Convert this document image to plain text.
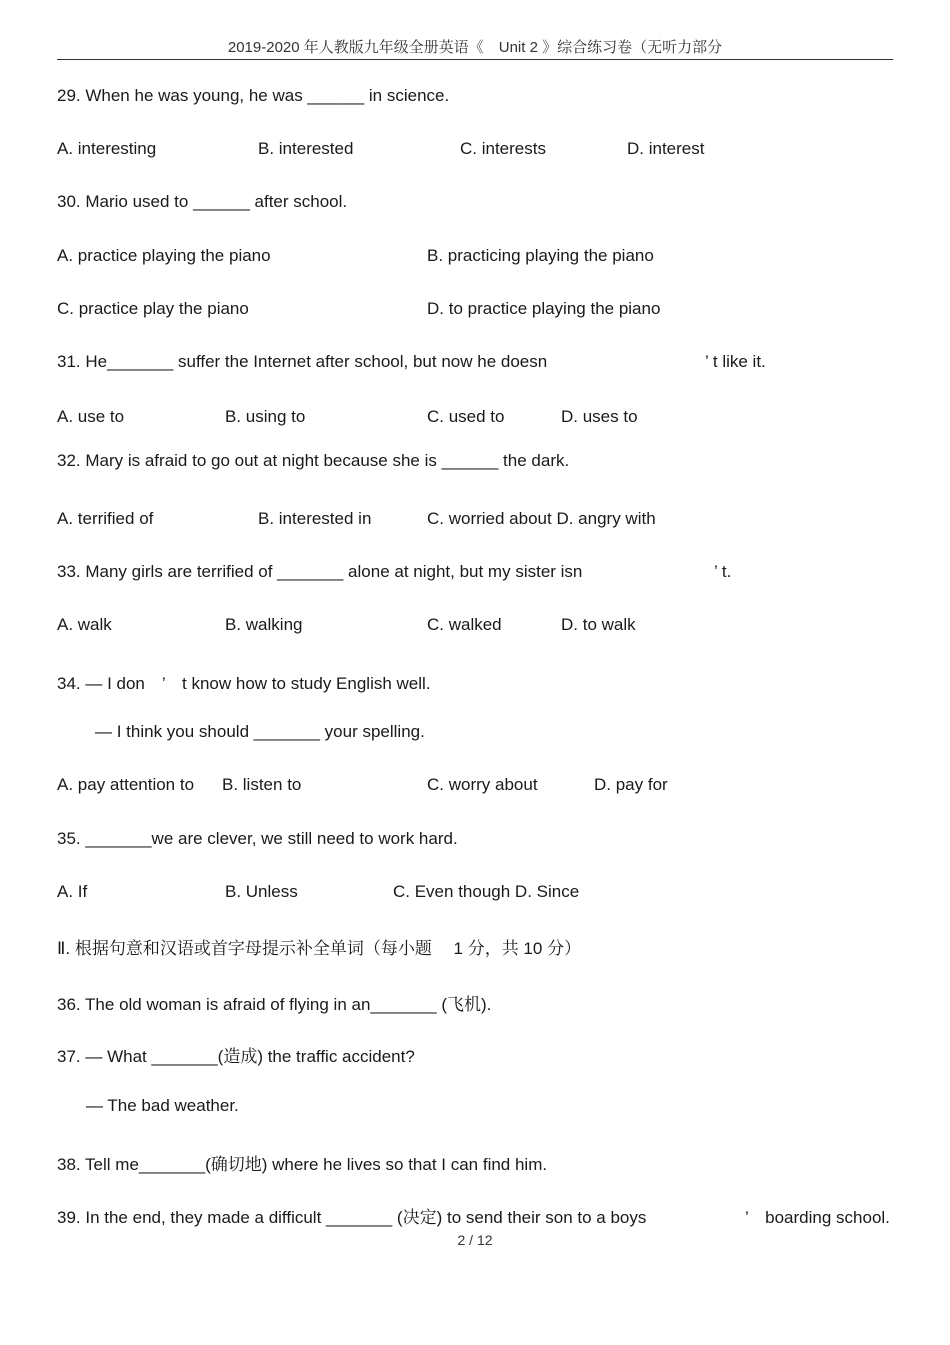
2019-2020 年人教版九年级全册英语《　Unit 2 》综合练习卷（无听力部分
29. When he was young, he was ______ in science.
A. interesting	B. interested	C. interests	D. interest
30. Mario used to ______ after school.
A. practice playing the piano	B. practicing playing the piano
C. practice play the piano	D. to practice playing the piano
31. He_______ suffer the Internet after school, but now he doesn	’ t like it.
A. use to	B. using to	C. used to	D. uses to
32. Mary is afraid to go out at night because she is ______ the dark.
A. terrified of	B. interested in	C. worried about D. angry with
33. Many girls are terrified of _______ alone at night, but my sister isn	’ t.
A. walk	B. walking	C. walked	D. to walk
34. — I don　’　t know how to study English well.
— I think you should _______ your spelling.
A. pay attention to B. listen to	C. worry about	D. pay for
35. _______we are clever, we still need to work hard.
A. If	B. Unless	C. Even though D. Since
Ⅱ. 根据句意和汉语或首字母提示补全单词（每小题　 1 分，共 10 分）
36. The old woman is afraid of flying in an_______ (飞机).
37. — What _______(造成) the traffic accident?
— The bad weather.
38. Tell me_______(确切地) where he lives so that I can find him.
39. In the end, they made a difficult _______ (决定) to send their son to a boys	’　boarding school.
2 / 12
